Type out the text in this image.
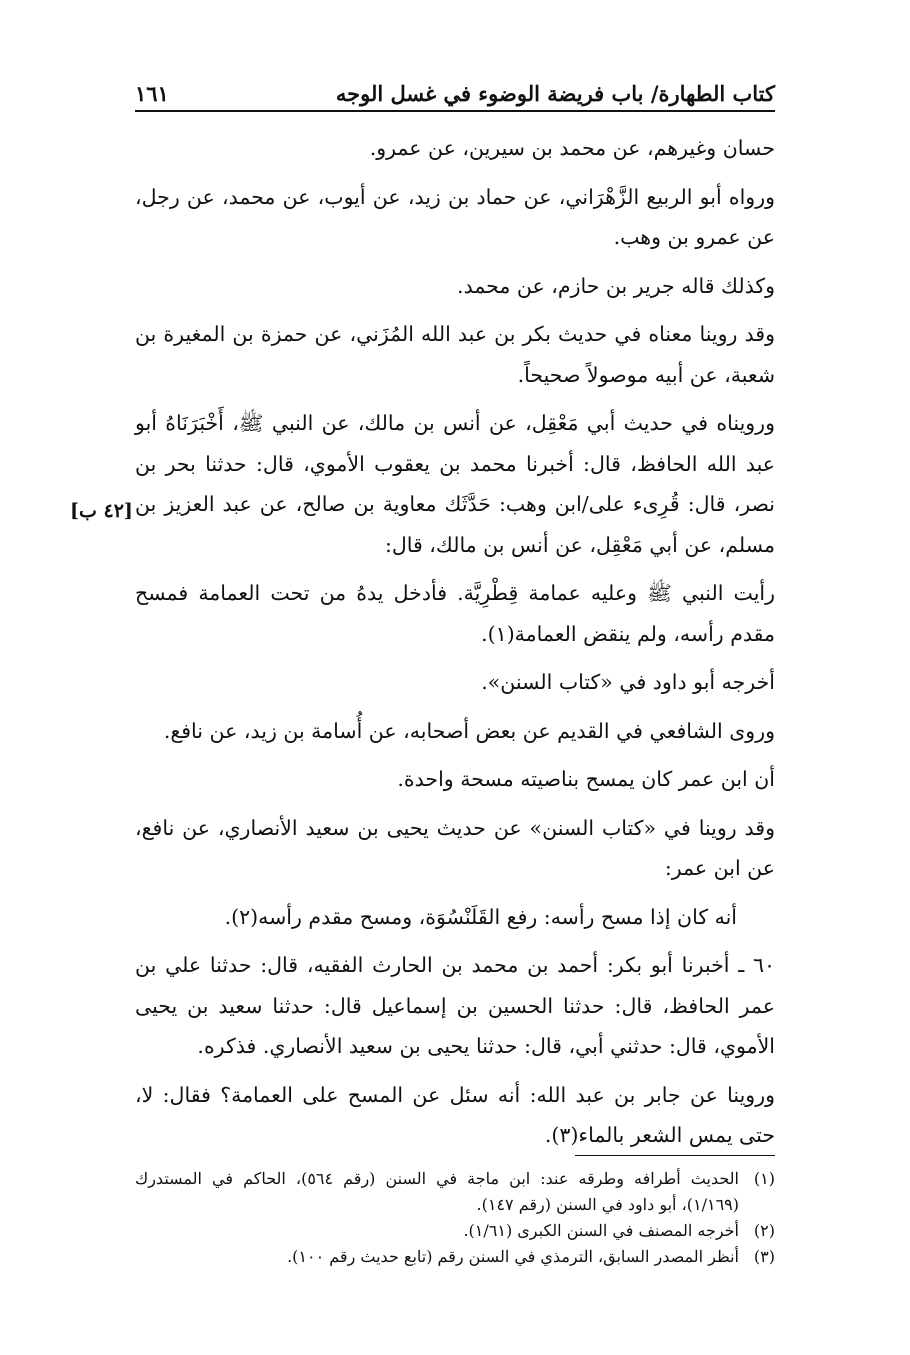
كتاب الطهارة/ باب فريضة الوضوء في غسل الوجه
١٦١

حسان وغيرهم، عن محمد بن سيرين، عن عمرو.

ورواه أبو الربيع الزَّهْرَاني، عن حماد بن زيد، عن أيوب، عن محمد، عن رجل، عن عمرو بن وهب.

وكذلك قاله جرير بن حازم، عن محمد.

وقد روينا معناه في حديث بكر بن عبد الله المُزَني، عن حمزة بن المغيرة بن شعبة، عن أبيه موصولاً صحيحاً.

ورويناه في حديث أبي مَعْقِل، عن أنس بن مالك، عن النبي ﷺ، أَخْبَرَنَاهُ أبو عبد الله الحافظ، قال: أخبرنا محمد بن يعقوب الأموي، قال: حدثنا بحر بن نصر، قال: قُرِىء على/ابن وهب: حَدَّثَك معاوية بن صالح، عن عبد العزيز بن مسلم، عن أبي مَعْقِل، عن أنس بن مالك، قال:

رأيت النبي ﷺ وعليه عمامة قِطْرِيَّة. فأدخل يدهُ من تحت العمامة فمسح مقدم رأسه، ولم ينقض العمامة(١).

أخرجه أبو داود في «كتاب السنن».

وروى الشافعي في القديم عن بعض أصحابه، عن أُسامة بن زيد، عن نافع.

أن ابن عمر كان يمسح بناصيته مسحة واحدة.

وقد روينا في «كتاب السنن» عن حديث يحيى بن سعيد الأنصاري، عن نافع، عن ابن عمر:

أنه كان إذا مسح رأسه: رفع القَلَنْسُوَة، ومسح مقدم رأسه(٢).

٦٠ ـ أخبرنا أبو بكر: أحمد بن محمد بن الحارث الفقيه، قال: حدثنا علي بن عمر الحافظ، قال: حدثنا الحسين بن إسماعيل قال: حدثنا سعيد بن يحيى الأموي، قال: حدثني أبي، قال: حدثنا يحيى بن سعيد الأنصاري. فذكره.

وروينا عن جابر بن عبد الله: أنه سئل عن المسح على العمامة؟ فقال: لا، حتى يمس الشعر بالماء(٣).

[٤٢ ب]
(١)
الحديث أطرافه وطرقه عند: ابن ماجة في السنن (رقم ٥٦٤)، الحاكم في المستدرك (١/١٦٩)، أبو داود في السنن (رقم ١٤٧).
(٢)
أخرجه المصنف في السنن الكبرى (١/٦١).
(٣)
أنظر المصدر السابق، الترمذي في السنن رقم (تابع حديث رقم ١٠٠).
